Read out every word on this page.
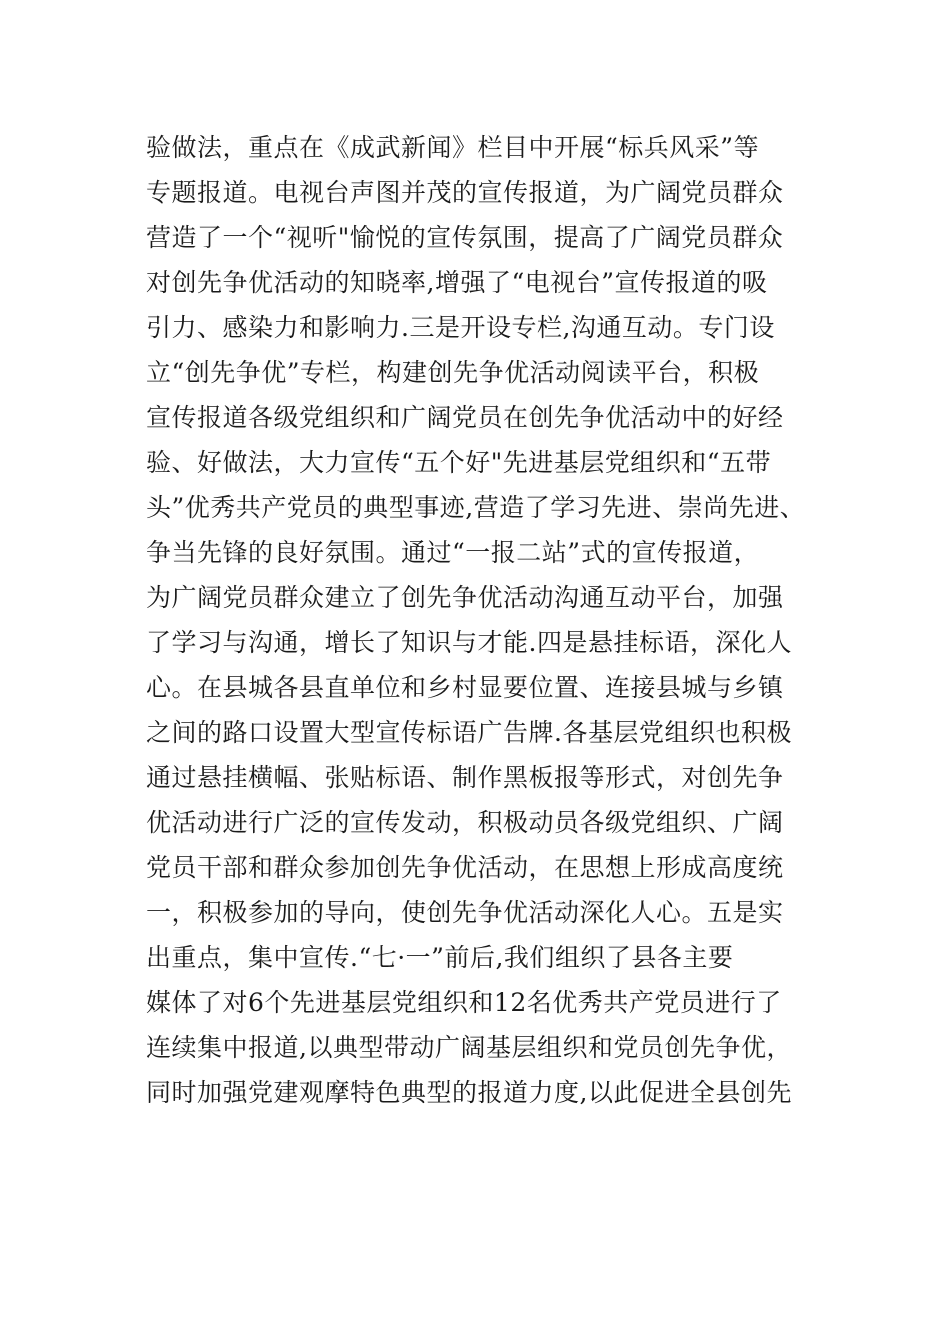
验做法，重点在《成武新闻》栏目中开展“标兵风采”等
专题报道。电视台声图并茂的宣传报道，为广阔党员群众
营造了一个“视听"愉悦的宣传氛围，提高了广阔党员群众
对创先争优活动的知晓率,增强了“电视台”宣传报道的吸
引力、感染力和影响力.三是开设专栏,沟通互动。专门设
立“创先争优”专栏，构建创先争优活动阅读平台，积极
宣传报道各级党组织和广阔党员在创先争优活动中的好经
验、好做法，大力宣传“五个好"先进基层党组织和“五带
头”优秀共产党员的典型事迹,营造了学习先进、崇尚先进、
争当先锋的良好氛围。通过“一报二站”式的宣传报道，
为广阔党员群众建立了创先争优活动沟通互动平台，加强
了学习与沟通，增长了知识与才能.四是悬挂标语，深化人
心。在县城各县直单位和乡村显要位置、连接县城与乡镇
之间的路口设置大型宣传标语广告牌.各基层党组织也积极
通过悬挂横幅、张贴标语、制作黑板报等形式，对创先争
优活动进行广泛的宣传发动，积极动员各级党组织、广阔
党员干部和群众参加创先争优活动，在思想上形成高度统
一，积极参加的导向，使创先争优活动深化人心。五是实
出重点，集中宣传.“七·一”前后,我们组织了县各主要
媒体了对6个先进基层党组织和12名优秀共产党员进行了
连续集中报道,以典型带动广阔基层组织和党员创先争优，
同时加强党建观摩特色典型的报道力度,以此促进全县创先
